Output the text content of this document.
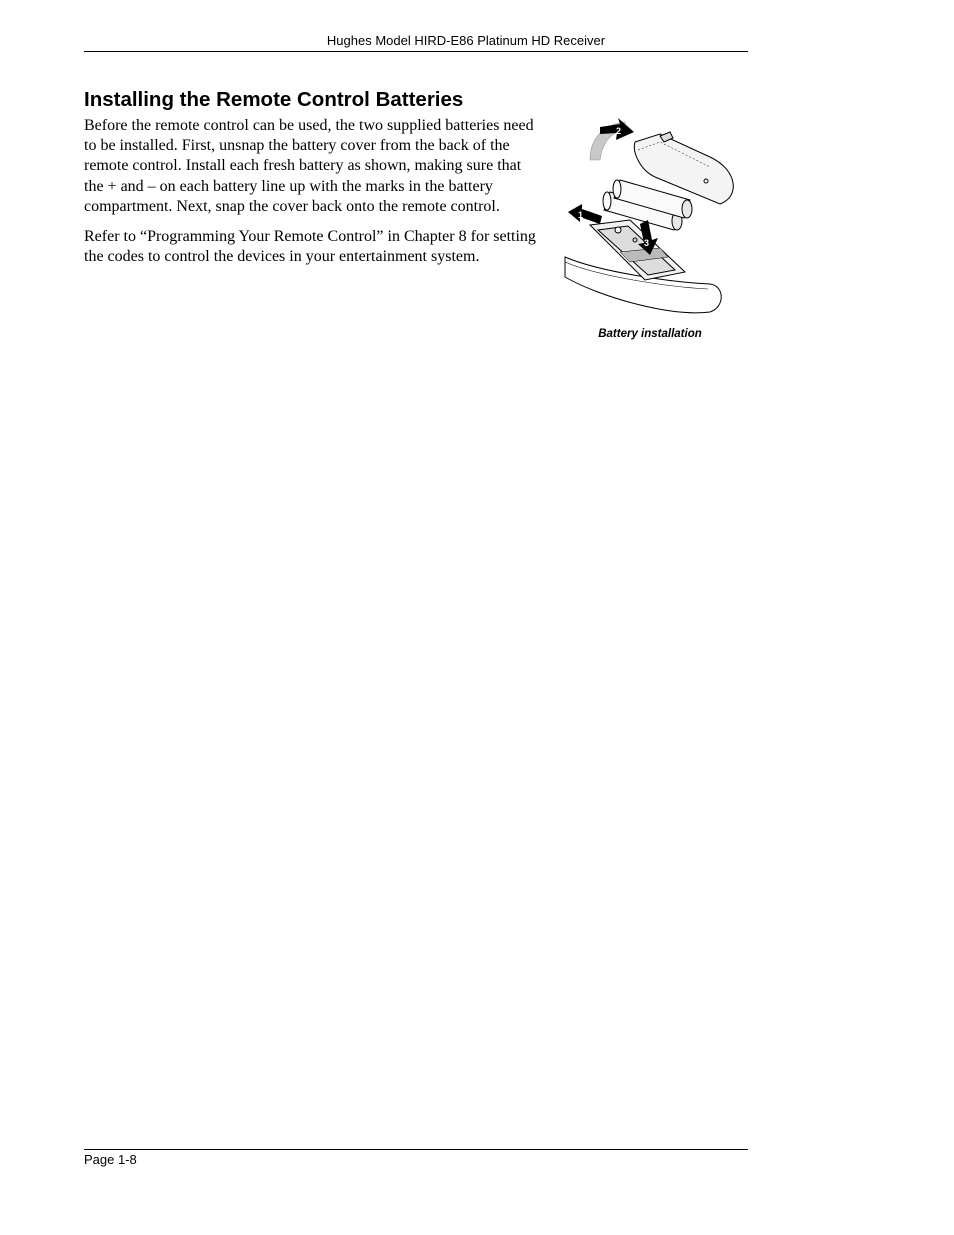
Hughes Model HIRD-E86 Platinum HD Receiver
Installing the Remote Control Batteries

Before the remote control can be used, the two supplied batteries need to be installed. First, unsnap the battery cover from the back of the remote control. Install each fresh battery as shown, making sure that the + and – on each battery line up with the marks in the battery compartment. Next, snap the cover back onto the remote control.

Refer to “Programming Your Remote Control” in Chapter 8 for setting the codes to control the devices in your entertainment system.

1
2
3
Battery installation
Page 1-8
